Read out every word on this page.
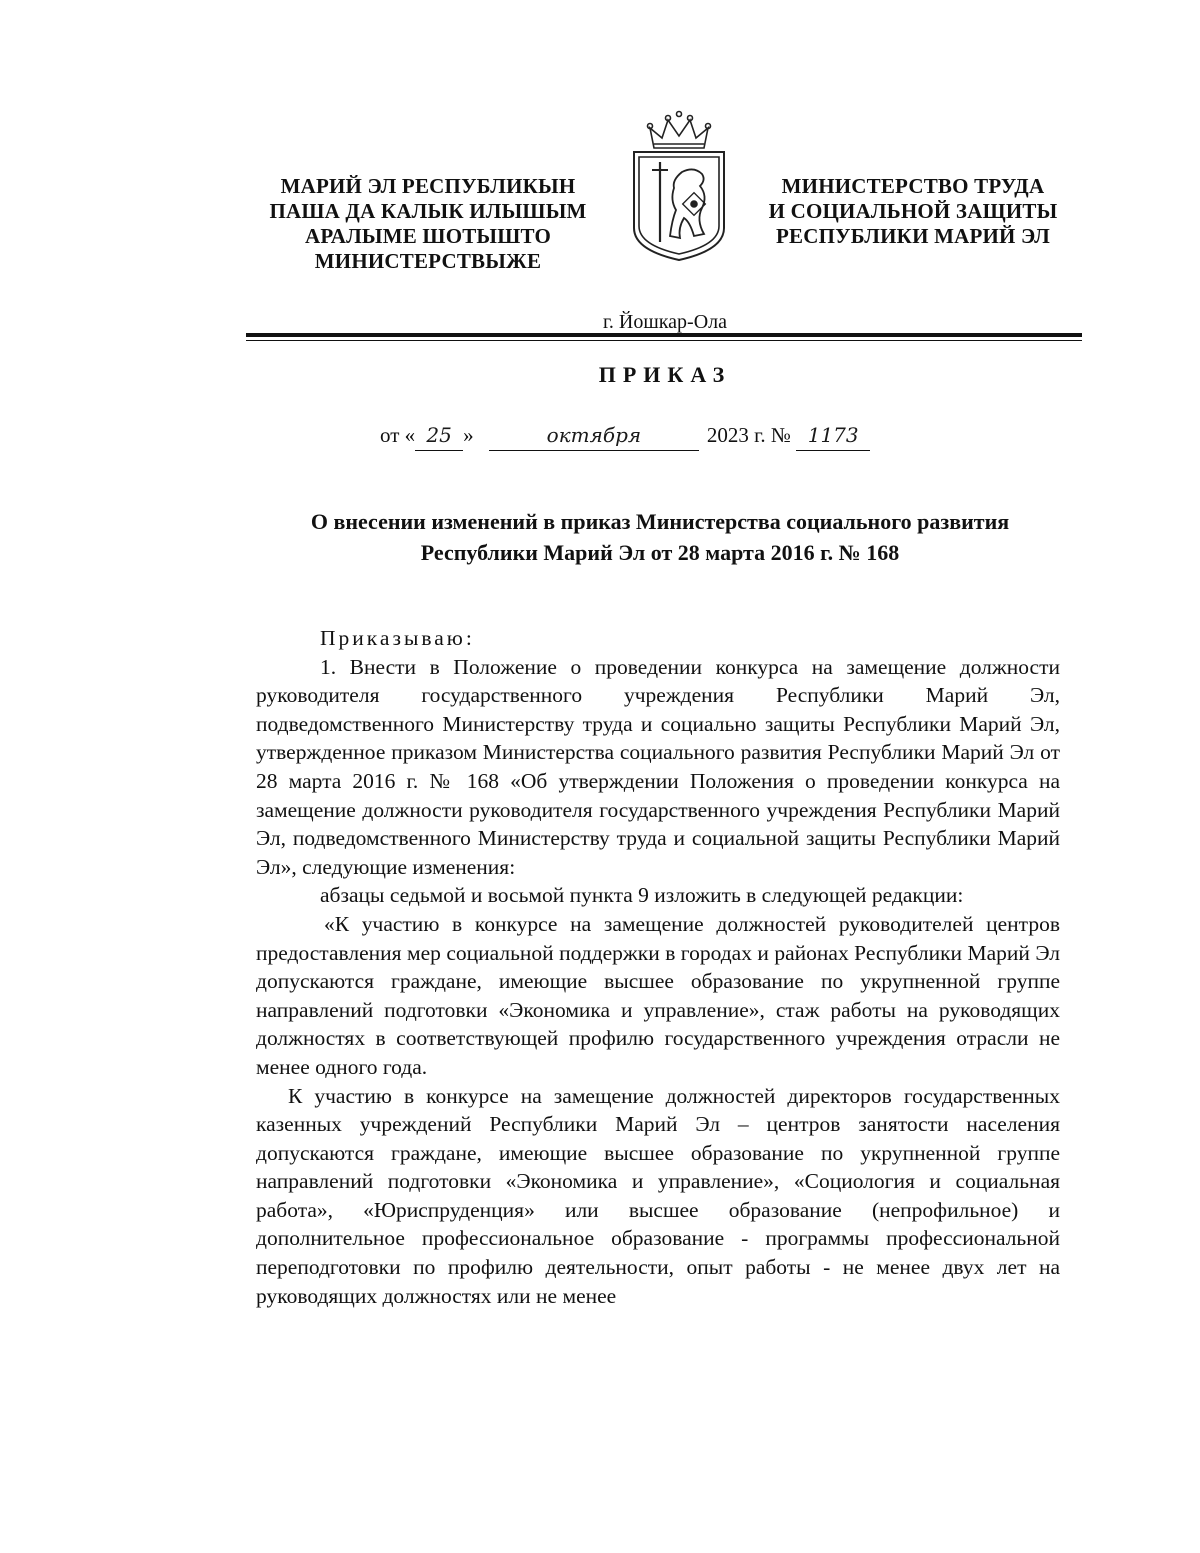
МАРИЙ ЭЛ РЕСПУБЛИКЫН
ПАША ДА КАЛЫК ИЛЫШЫМ
АРАЛЫМЕ ШОТЫШТО
МИНИСТЕРСТВЫЖЕ
МИНИСТЕРСТВО ТРУДА
И СОЦИАЛЬНОЙ ЗАЩИТЫ
РЕСПУБЛИКИ МАРИЙ ЭЛ
г. Йошкар-Ола
ПРИКАЗ
от « 25 »	октября	2023 г. № 1173
О внесении изменений в приказ Министерства социального развития
Республики Марий Эл от 28 марта 2016 г. № 168

Приказываю:

1. Внести в Положение о проведении конкурса на замещение должности руководителя государственного учреждения Республики Марий Эл, подведомственного Министерству труда и социально защиты Республики Марий Эл, утвержденное приказом Министерства социального развития Республики Марий Эл от 28 марта 2016 г. № 168 «Об утверждении Положения о проведении конкурса на замещение должности руководителя государственного учреждения Республики Марий Эл, подведомственного Министерству труда и социальной защиты Республики Марий Эл», следующие изменения:

абзацы седьмой и восьмой пункта 9 изложить в следующей редакции:

«К участию в конкурсе на замещение должностей руководителей центров предоставления мер социальной поддержки в городах и районах Республики Марий Эл допускаются граждане, имеющие высшее образование по укрупненной группе направлений подготовки «Экономика и управление», стаж работы на руководящих должностях в соответствующей профилю государственного учреждения отрасли не менее одного года.

К участию в конкурсе на замещение должностей директоров государственных казенных учреждений Республики Марий Эл – центров занятости населения допускаются граждане, имеющие высшее образование по укрупненной группе направлений подготовки «Экономика и управление», «Социология и социальная работа», «Юриспруденция» или высшее образование (непрофильное) и дополнительное профессиональное образование - программы профессиональной переподготовки по профилю деятельности, опыт работы - не менее двух лет на руководящих должностях или не менее
